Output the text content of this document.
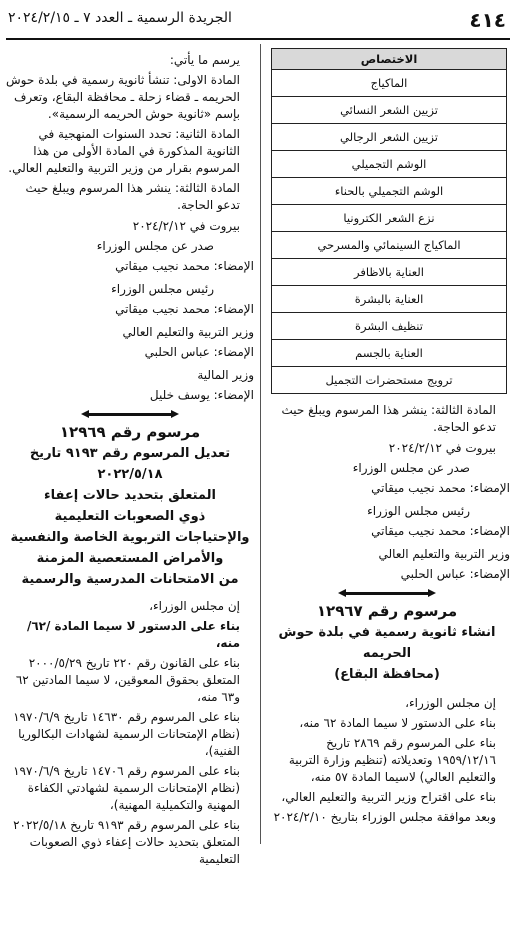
٤١٤
الجريدة الرسمية ـ العدد ٧ ـ ٢٠٢٤/٢/١٥
الاختصاص
الماكياج
تزيين الشعر النسائي
تزيين الشعر الرجالي
الوشم التجميلي
الوشم التجميلي بالحناء
نزع الشعر الكترونيا
الماكياج السينمائي والمسرحي
العناية بالاظافر
العناية بالبشرة
تنظيف البشرة
العناية بالجسم
ترويج مستحضرات التجميل

المادة الثالثة: ينشر هذا المرسوم ويبلغ حيث تدعو الحاجة.

بيروت في ٢٠٢٤/٢/١٢

صدر عن مجلس الوزراء

الإمضاء: محمد نجيب ميقاتي

رئيس مجلس الوزراء

الإمضاء: محمد نجيب ميقاتي

وزير التربية والتعليم العالي

الإمضاء: عباس الحلبي

مرسوم رقم ١٢٩٦٧
انشاء ثانوية رسمية في بلدة حوش الحريمه
(محافظة البقاع)

إن مجلس الوزراء،

بناء على الدستور لا سيما المادة ٦٢ منه،

بناء على المرسوم رقم ٢٨٦٩ تاريخ ١٩٥٩/١٢/١٦ وتعديلاته (تنظيم وزارة التربية والتعليم العالي) لاسيما المادة ٥٧ منه،

بناء على اقتراح وزير التربية والتعليم العالي،

وبعد موافقة مجلس الوزراء بتاريخ ٢٠٢٤/٢/١٠

يرسم ما يأتي:

المادة الاولى: تنشأ ثانوية رسمية في بلدة حوش الحريمه ـ قضاء زحلة ـ محافظة البقاع، وتعرف بإسم «ثانوية حوش الحريمه الرسمية».

المادة الثانية: تحدد السنوات المنهجية في الثانوية المذكورة في المادة الأولى من هذا المرسوم بقرار من وزير التربية والتعليم العالي.

المادة الثالثة: ينشر هذا المرسوم ويبلغ حيث تدعو الحاجة.

بيروت في ٢٠٢٤/٢/١٢

صدر عن مجلس الوزراء

الإمضاء: محمد نجيب ميقاتي

رئيس مجلس الوزراء

الإمضاء: محمد نجيب ميقاتي

وزير التربية والتعليم العالي

الإمضاء: عباس الحلبي

وزير المالية

الإمضاء: يوسف خليل

مرسوم رقم ١٢٩٦٩
تعديل المرسوم رقم ٩١٩٣ تاريخ ٢٠٢٢/٥/١٨
المتعلق بتحديد حالات إعفاء
ذوي الصعوبات التعليمية
والإحتياجات التربوية الخاصة والنفسية
والأمراض المستعصية المزمنة
من الامتحانات المدرسية والرسمية

إن مجلس الوزراء،

بناء على الدستور لا سيما المادة /٦٢/ منه،

بناء على القانون رقم ٢٢٠ تاريخ ٢٠٠٠/٥/٢٩ المتعلق بحقوق المعوقين، لا سيما المادتين ٦٢ و٦٣ منه،

بناء على المرسوم رقم ١٤٦٣٠ تاريخ ١٩٧٠/٦/٩ (نظام الإمتحانات الرسمية لشهادات البكالوريا الفنية)،

بناء على المرسوم رقم ١٤٧٠٦ تاريخ ١٩٧٠/٦/٩ (نظام الإمتحانات الرسمية لشهادتي الكفاءة المهنية والتكميلية المهنية)،

بناء على المرسوم رقم ٩١٩٣ تاريخ ٢٠٢٢/٥/١٨ المتعلق بتحديد حالات إعفاء ذوي الصعوبات التعليمية
